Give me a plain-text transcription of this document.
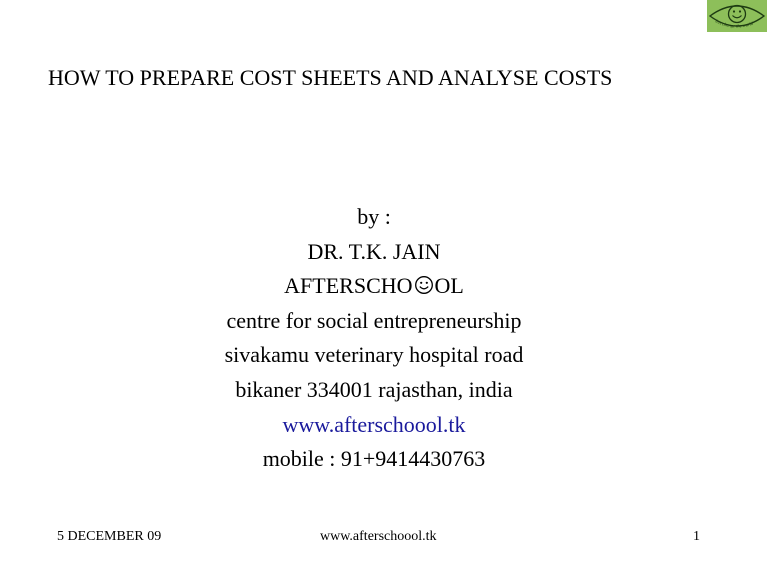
lets change the world
HOW TO PREPARE COST SHEETS AND ANALYSE COSTS
by :
DR. T.K. JAIN
AFTERSCHO OL
centre for social entrepreneurship
sivakamu veterinary hospital road
bikaner 334001 rajasthan, india
www.afterschoool.tk
mobile : 91+9414430763
5 DECEMBER 09	www.afterschoool.tk	1
